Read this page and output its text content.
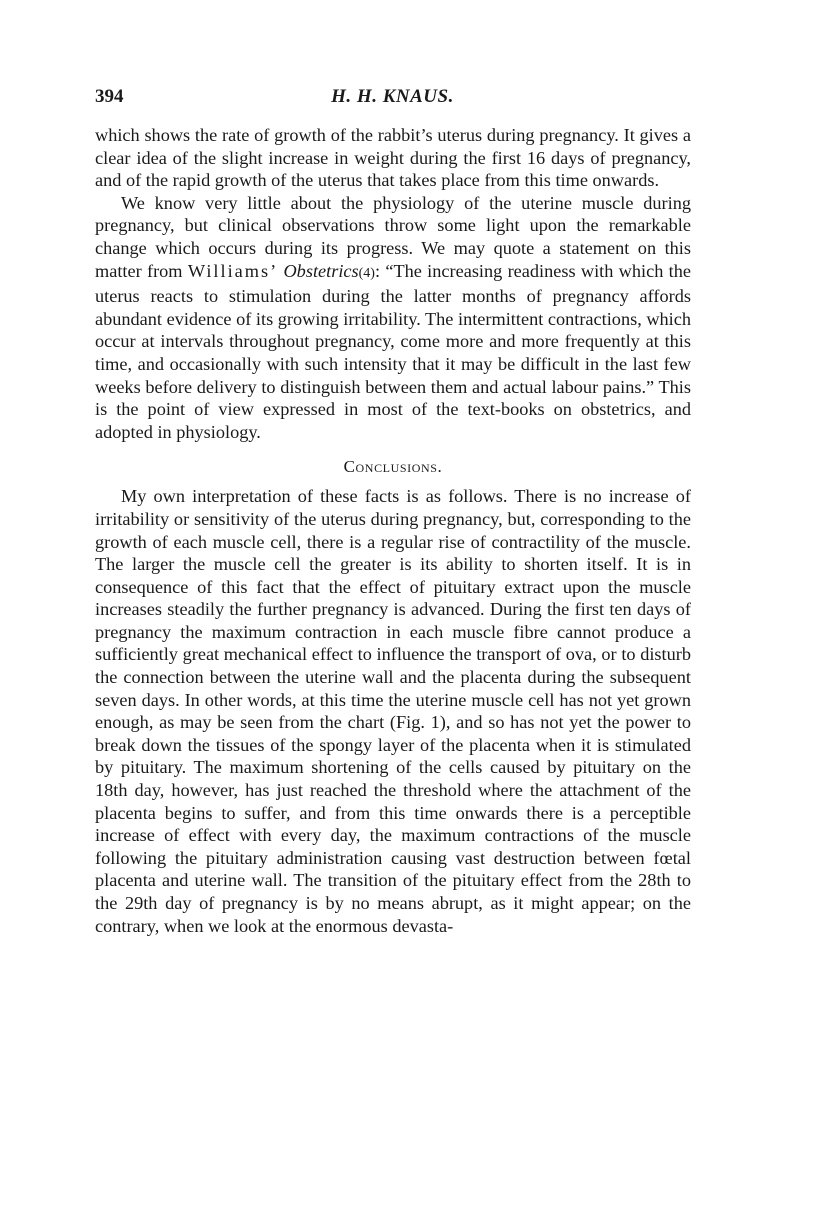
394	H. H. KNAUS.

which shows the rate of growth of the rabbit’s uterus during pregnancy. It gives a clear idea of the slight increase in weight during the first 16 days of pregnancy, and of the rapid growth of the uterus that takes place from this time onwards.

We know very little about the physiology of the uterine muscle during pregnancy, but clinical observations throw some light upon the remarkable change which occurs during its progress. We may quote a statement on this matter from Williams’ Obstetrics(4): “The increasing readiness with which the uterus reacts to stimulation during the latter months of pregnancy affords abundant evidence of its growing irritability. The intermittent contractions, which occur at intervals throughout pregnancy, come more and more frequently at this time, and occasionally with such intensity that it may be difficult in the last few weeks before delivery to distinguish between them and actual labour pains.” This is the point of view expressed in most of the text-books on obstetrics, and adopted in physiology.

Conclusions.

My own interpretation of these facts is as follows. There is no increase of irritability or sensitivity of the uterus during pregnancy, but, corresponding to the growth of each muscle cell, there is a regular rise of contractility of the muscle. The larger the muscle cell the greater is its ability to shorten itself. It is in consequence of this fact that the effect of pituitary extract upon the muscle increases steadily the further pregnancy is advanced. During the first ten days of pregnancy the maximum contraction in each muscle fibre cannot produce a sufficiently great mechanical effect to influence the transport of ova, or to disturb the connection between the uterine wall and the placenta during the subsequent seven days. In other words, at this time the uterine muscle cell has not yet grown enough, as may be seen from the chart (Fig. 1), and so has not yet the power to break down the tissues of the spongy layer of the placenta when it is stimulated by pituitary. The maximum shortening of the cells caused by pituitary on the 18th day, however, has just reached the threshold where the attachment of the placenta begins to suffer, and from this time onwards there is a perceptible increase of effect with every day, the maximum contractions of the muscle following the pituitary administration causing vast destruction between fœtal placenta and uterine wall. The transition of the pituitary effect from the 28th to the 29th day of pregnancy is by no means abrupt, as it might appear; on the contrary, when we look at the enormous devasta-
